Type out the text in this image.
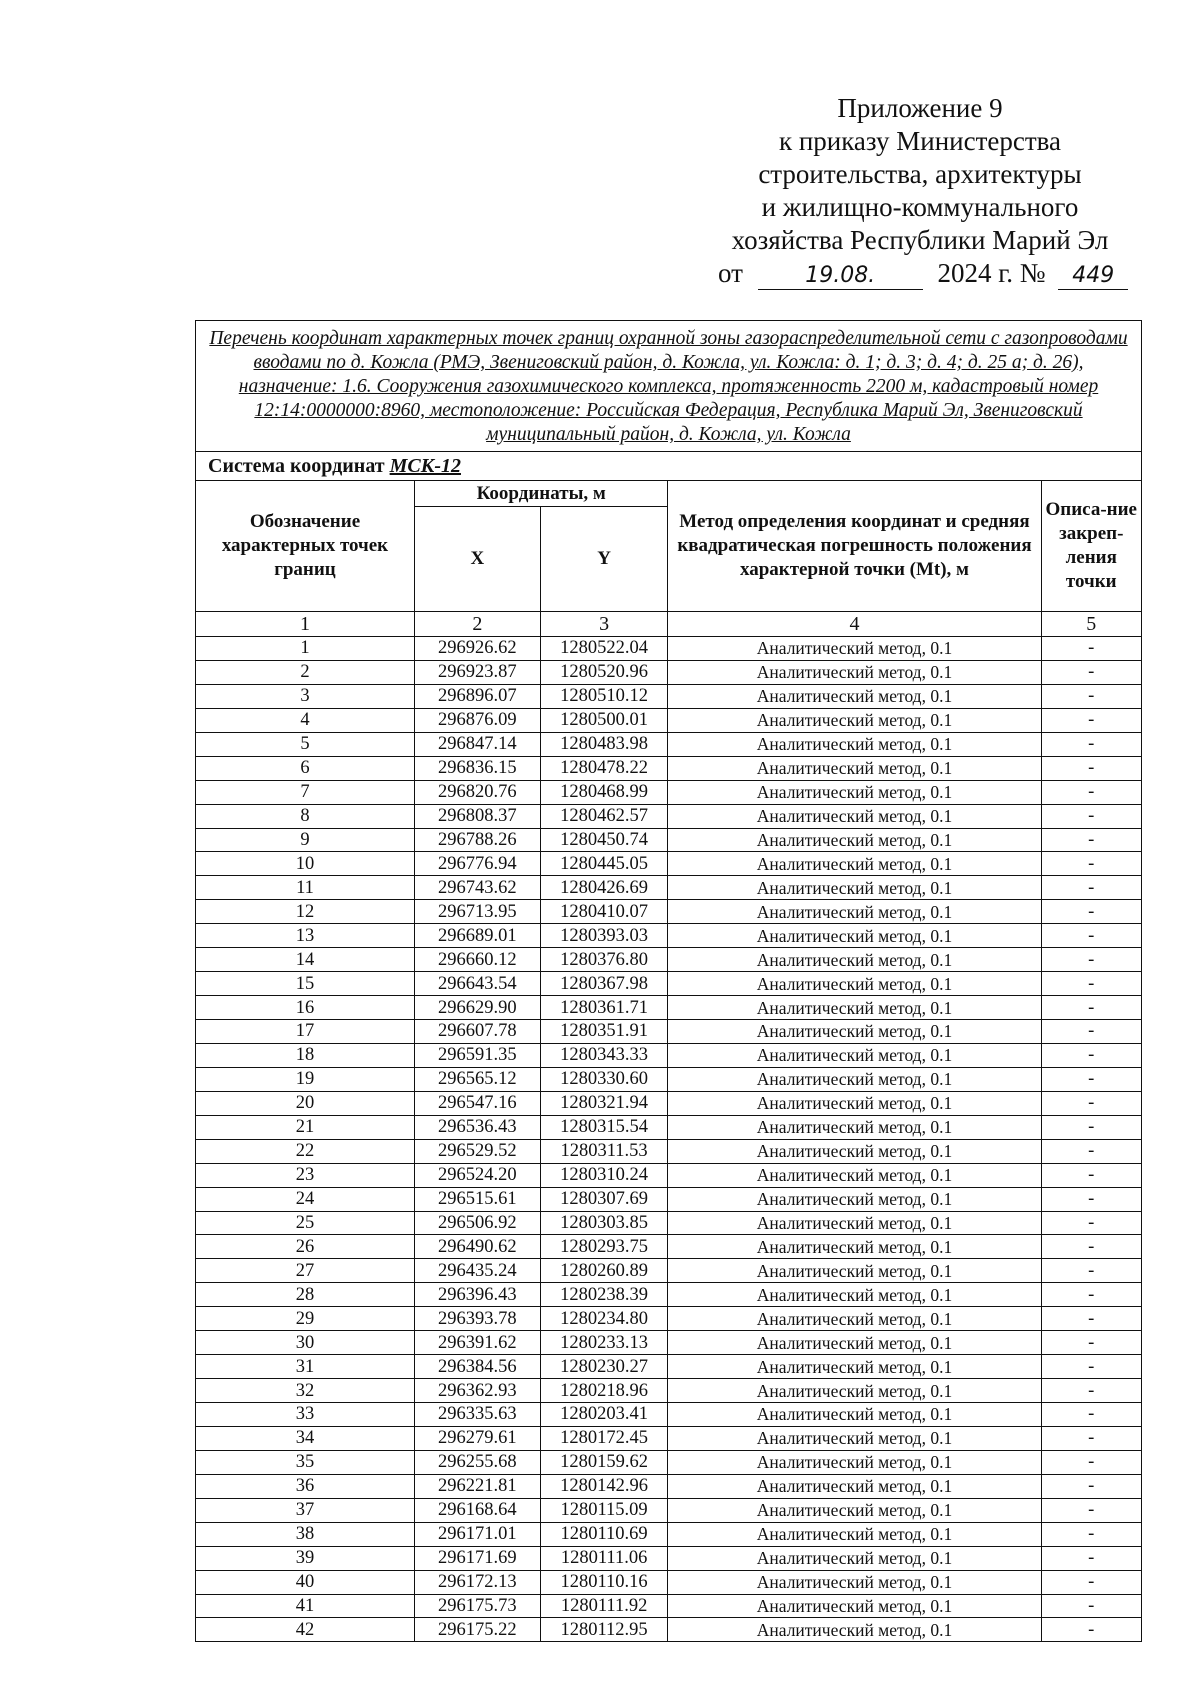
Приложение 9
к приказу Министерства
строительства, архитектуры
и жилищно-коммунального
хозяйства Республики Марий Эл
от	19.08. 2024 г. № 449
Перечень координат характерных точек границ охранной зоны газораспределительной сети с газопроводами вводами по д. Кожла (РМЭ, Звениговский район, д. Кожла, ул. Кожла: д. 1; д. 3; д. 4; д. 25 а; д. 26), назначение: 1.6. Сооружения газохимического комплекса, протяженность 2200 м, кадастровый номер 12:14:0000000:8960, местоположение: Российская Федерация, Республика Марий Эл, Звениговский муниципальный район, д. Кожла, ул. Кожла
Система координат МСК-12
Обозначение характерных точек границ	Координаты, м		Метод определения координат и средняя квадратическая погрешность положения характерной точки (Mt), м	Описа-ние закреп-ления точки
	X	Y		
1	2	3	4	5
1	296926.62	1280522.04	Аналитический метод, 0.1	-
2	296923.87	1280520.96	Аналитический метод, 0.1	-
3	296896.07	1280510.12	Аналитический метод, 0.1	-
4	296876.09	1280500.01	Аналитический метод, 0.1	-
5	296847.14	1280483.98	Аналитический метод, 0.1	-
6	296836.15	1280478.22	Аналитический метод, 0.1	-
7	296820.76	1280468.99	Аналитический метод, 0.1	-
8	296808.37	1280462.57	Аналитический метод, 0.1	-
9	296788.26	1280450.74	Аналитический метод, 0.1	-
10	296776.94	1280445.05	Аналитический метод, 0.1	-
11	296743.62	1280426.69	Аналитический метод, 0.1	-
12	296713.95	1280410.07	Аналитический метод, 0.1	-
13	296689.01	1280393.03	Аналитический метод, 0.1	-
14	296660.12	1280376.80	Аналитический метод, 0.1	-
15	296643.54	1280367.98	Аналитический метод, 0.1	-
16	296629.90	1280361.71	Аналитический метод, 0.1	-
17	296607.78	1280351.91	Аналитический метод, 0.1	-
18	296591.35	1280343.33	Аналитический метод, 0.1	-
19	296565.12	1280330.60	Аналитический метод, 0.1	-
20	296547.16	1280321.94	Аналитический метод, 0.1	-
21	296536.43	1280315.54	Аналитический метод, 0.1	-
22	296529.52	1280311.53	Аналитический метод, 0.1	-
23	296524.20	1280310.24	Аналитический метод, 0.1	-
24	296515.61	1280307.69	Аналитический метод, 0.1	-
25	296506.92	1280303.85	Аналитический метод, 0.1	-
26	296490.62	1280293.75	Аналитический метод, 0.1	-
27	296435.24	1280260.89	Аналитический метод, 0.1	-
28	296396.43	1280238.39	Аналитический метод, 0.1	-
29	296393.78	1280234.80	Аналитический метод, 0.1	-
30	296391.62	1280233.13	Аналитический метод, 0.1	-
31	296384.56	1280230.27	Аналитический метод, 0.1	-
32	296362.93	1280218.96	Аналитический метод, 0.1	-
33	296335.63	1280203.41	Аналитический метод, 0.1	-
34	296279.61	1280172.45	Аналитический метод, 0.1	-
35	296255.68	1280159.62	Аналитический метод, 0.1	-
36	296221.81	1280142.96	Аналитический метод, 0.1	-
37	296168.64	1280115.09	Аналитический метод, 0.1	-
38	296171.01	1280110.69	Аналитический метод, 0.1	-
39	296171.69	1280111.06	Аналитический метод, 0.1	-
40	296172.13	1280110.16	Аналитический метод, 0.1	-
41	296175.73	1280111.92	Аналитический метод, 0.1	-
42	296175.22	1280112.95	Аналитический метод, 0.1	-
